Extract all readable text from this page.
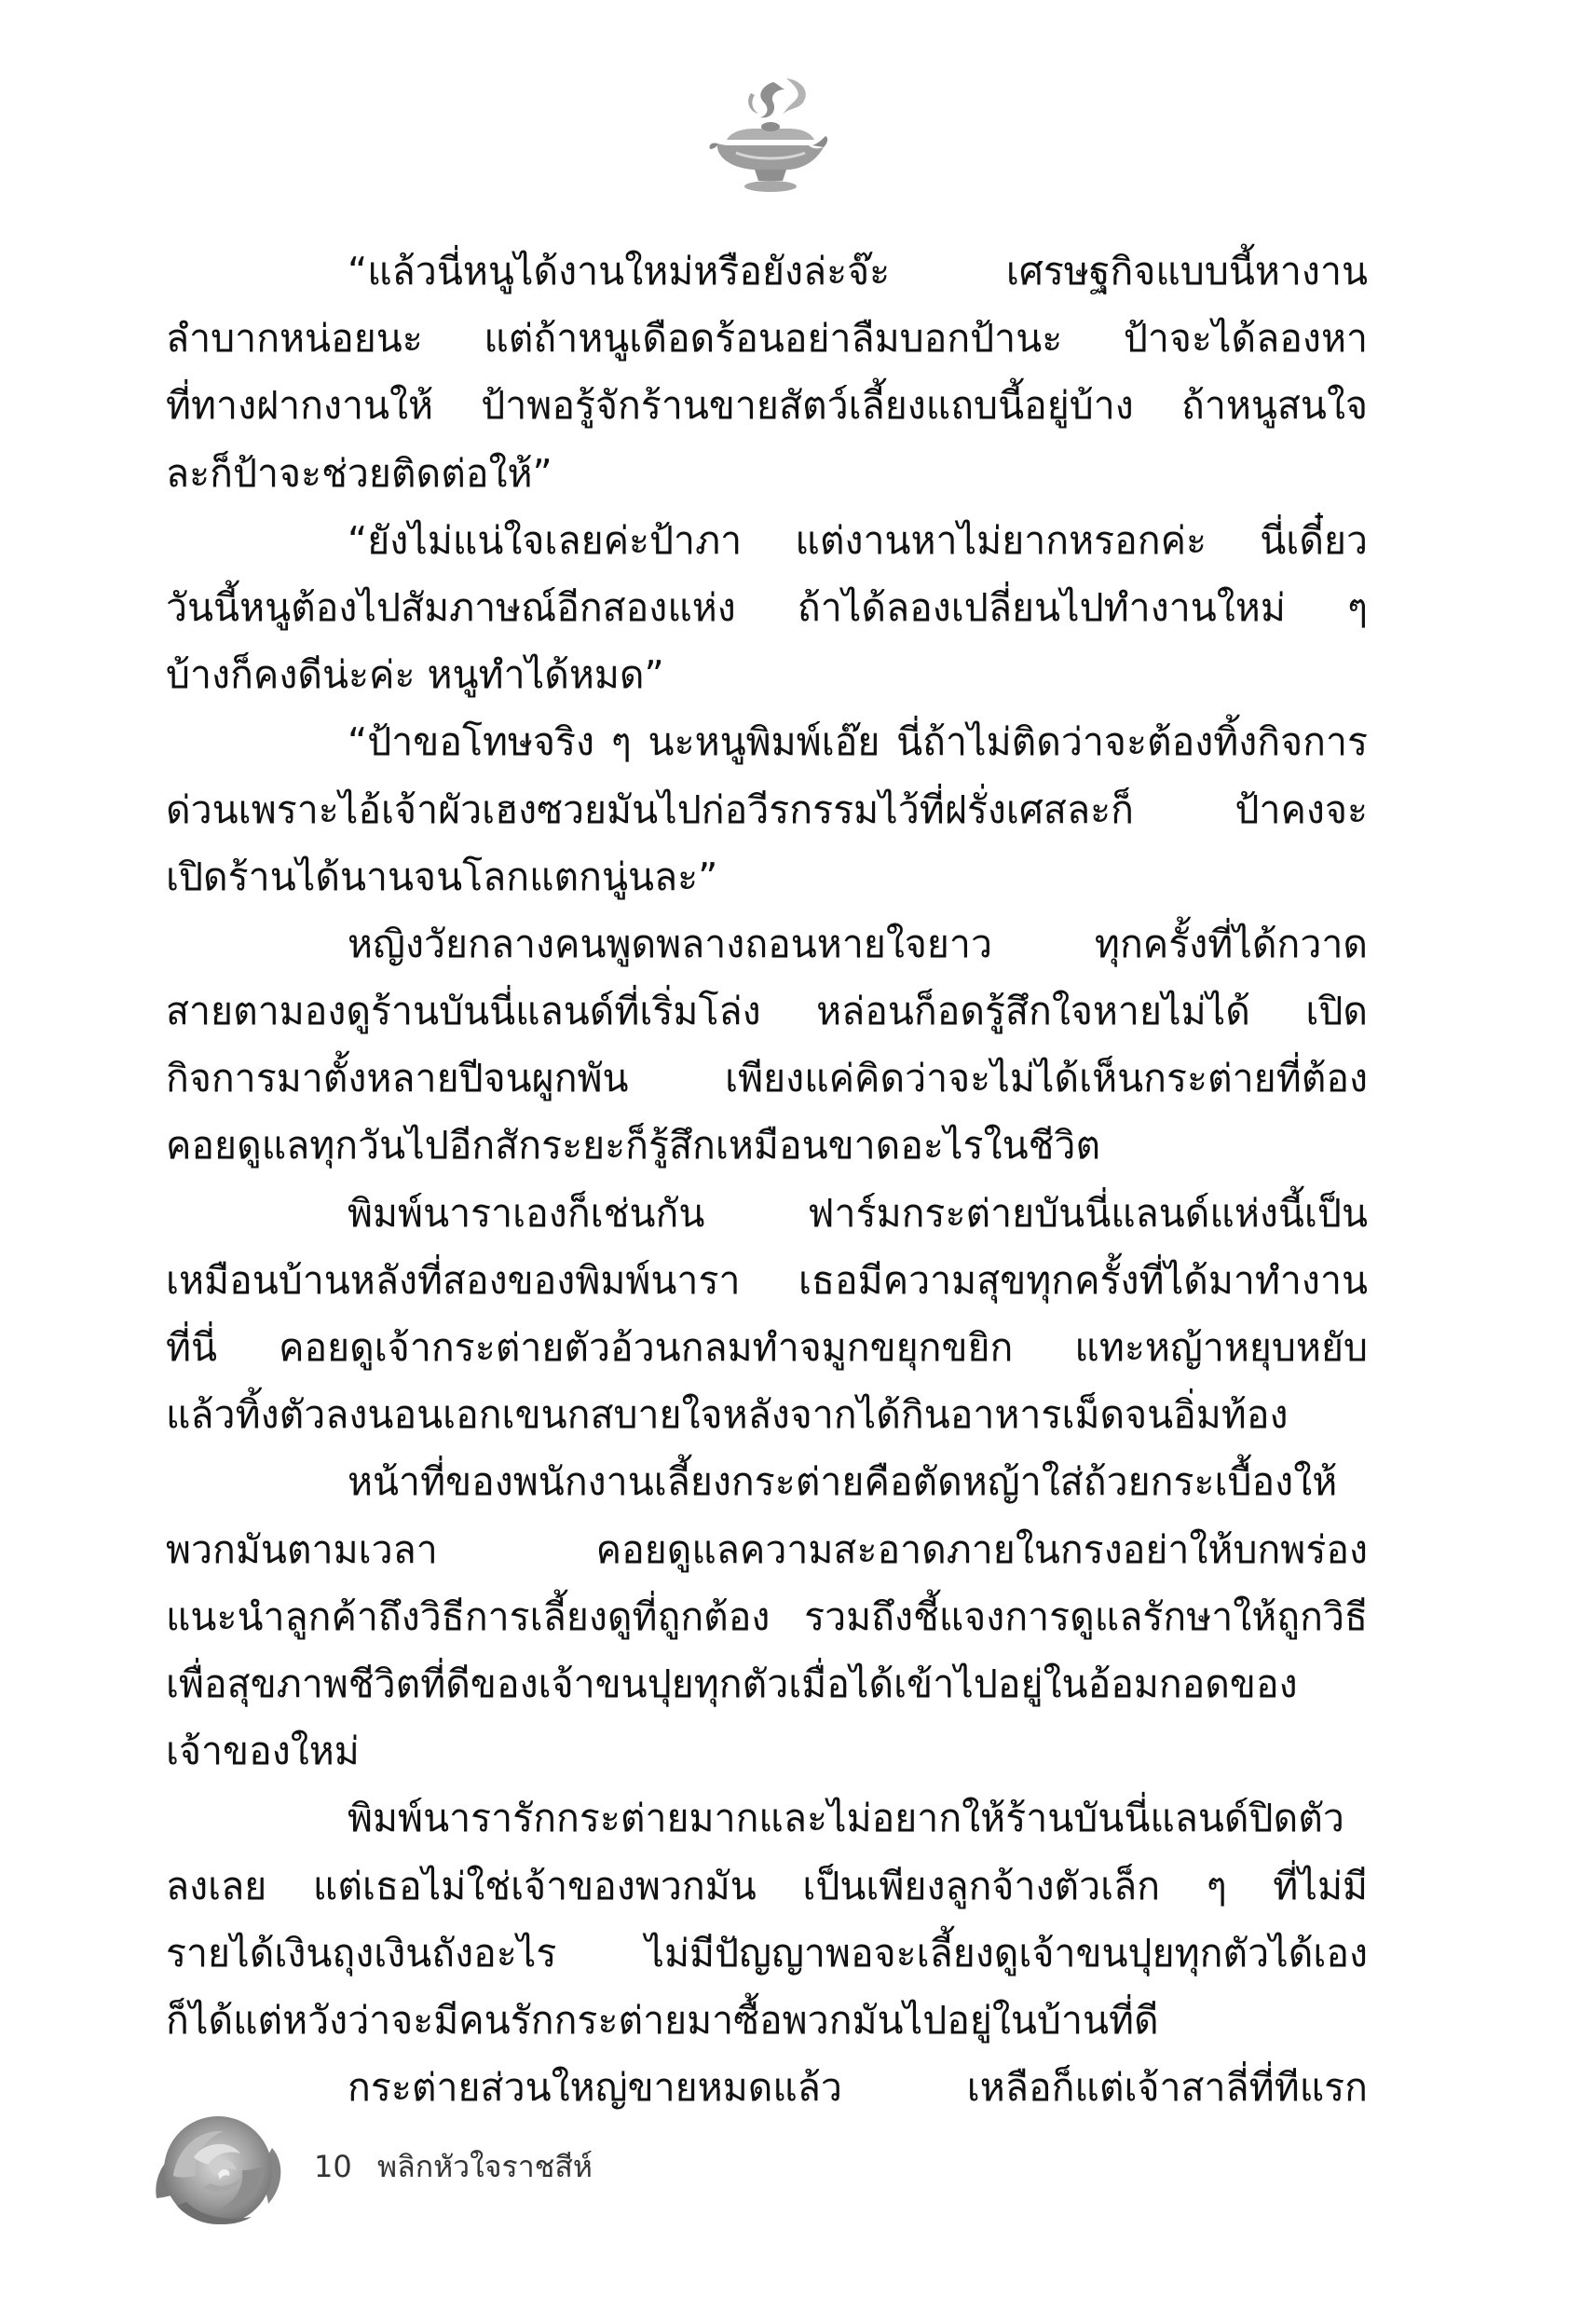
“แล้วนี่หนูได้งานใหม่หรือยังล่ะจ๊ะ เศรษฐกิจแบบนี้หางาน
ลำบากหน่อยนะ แต่ถ้าหนูเดือดร้อนอย่าลืมบอกป้านะ ป้าจะได้ลองหา
ที่ทางฝากงานให้ ป้าพอรู้จักร้านขายสัตว์เลี้ยงแถบนี้อยู่บ้าง ถ้าหนูสนใจ
ละก็ป้าจะช่วยติดต่อให้”
“ยังไม่แน่ใจเลยค่ะป้าภา แต่งานหาไม่ยากหรอกค่ะ นี่เดี๋ยว
วันนี้หนูต้องไปสัมภาษณ์อีกสองแห่ง ถ้าได้ลองเปลี่ยนไปทำงานใหม่ ๆ
บ้างก็คงดีน่ะค่ะ หนูทำได้หมด”
“ป้าขอโทษจริง ๆ นะหนูพิมพ์เอ๊ย นี่ถ้าไม่ติดว่าจะต้องทิ้งกิจการ
ด่วนเพราะไอ้เจ้าผัวเฮงซวยมันไปก่อวีรกรรมไว้ที่ฝรั่งเศสละก็ ป้าคงจะ
เปิดร้านได้นานจนโลกแตกนู่นละ”
หญิงวัยกลางคนพูดพลางถอนหายใจยาว ทุกครั้งที่ได้กวาด
สายตามองดูร้านบันนี่แลนด์ที่เริ่มโล่ง หล่อนก็อดรู้สึกใจหายไม่ได้ เปิด
กิจการมาตั้งหลายปีจนผูกพัน เพียงแค่คิดว่าจะไม่ได้เห็นกระต่ายที่ต้อง
คอยดูแลทุกวันไปอีกสักระยะก็รู้สึกเหมือนขาดอะไรในชีวิต
พิมพ์นาราเองก็เช่นกัน ฟาร์มกระต่ายบันนี่แลนด์แห่งนี้เป็น
เหมือนบ้านหลังที่สองของพิมพ์นารา เธอมีความสุขทุกครั้งที่ได้มาทำงาน
ที่นี่ คอยดูเจ้ากระต่ายตัวอ้วนกลมทำจมูกขยุกขยิก แทะหญ้าหยุบหยับ
แล้วทิ้งตัวลงนอนเอกเขนกสบายใจหลังจากได้กินอาหารเม็ดจนอิ่มท้อง
หน้าที่ของพนักงานเลี้ยงกระต่ายคือตัดหญ้าใส่ถ้วยกระเบื้องให้
พวกมันตามเวลา คอยดูแลความสะอาดภายในกรงอย่าให้บกพร่อง
แนะนำลูกค้าถึงวิธีการเลี้ยงดูที่ถูกต้อง รวมถึงชี้แจงการดูแลรักษาให้ถูกวิธี
เพื่อสุขภาพชีวิตที่ดีของเจ้าขนปุยทุกตัวเมื่อได้เข้าไปอยู่ในอ้อมกอดของ
เจ้าของใหม่
พิมพ์นารารักกระต่ายมากและไม่อยากให้ร้านบันนี่แลนด์ปิดตัว
ลงเลย แต่เธอไม่ใช่เจ้าของพวกมัน เป็นเพียงลูกจ้างตัวเล็ก ๆ ที่ไม่มี
รายได้เงินถุงเงินถังอะไร ไม่มีปัญญาพอจะเลี้ยงดูเจ้าขนปุยทุกตัวได้เอง
ก็ได้แต่หวังว่าจะมีคนรักกระต่ายมาซื้อพวกมันไปอยู่ในบ้านที่ดี
กระต่ายส่วนใหญ่ขายหมดแล้ว เหลือก็แต่เจ้าสาลี่ที่ทีแรก
10 พลิกหัวใจราชสีห์
